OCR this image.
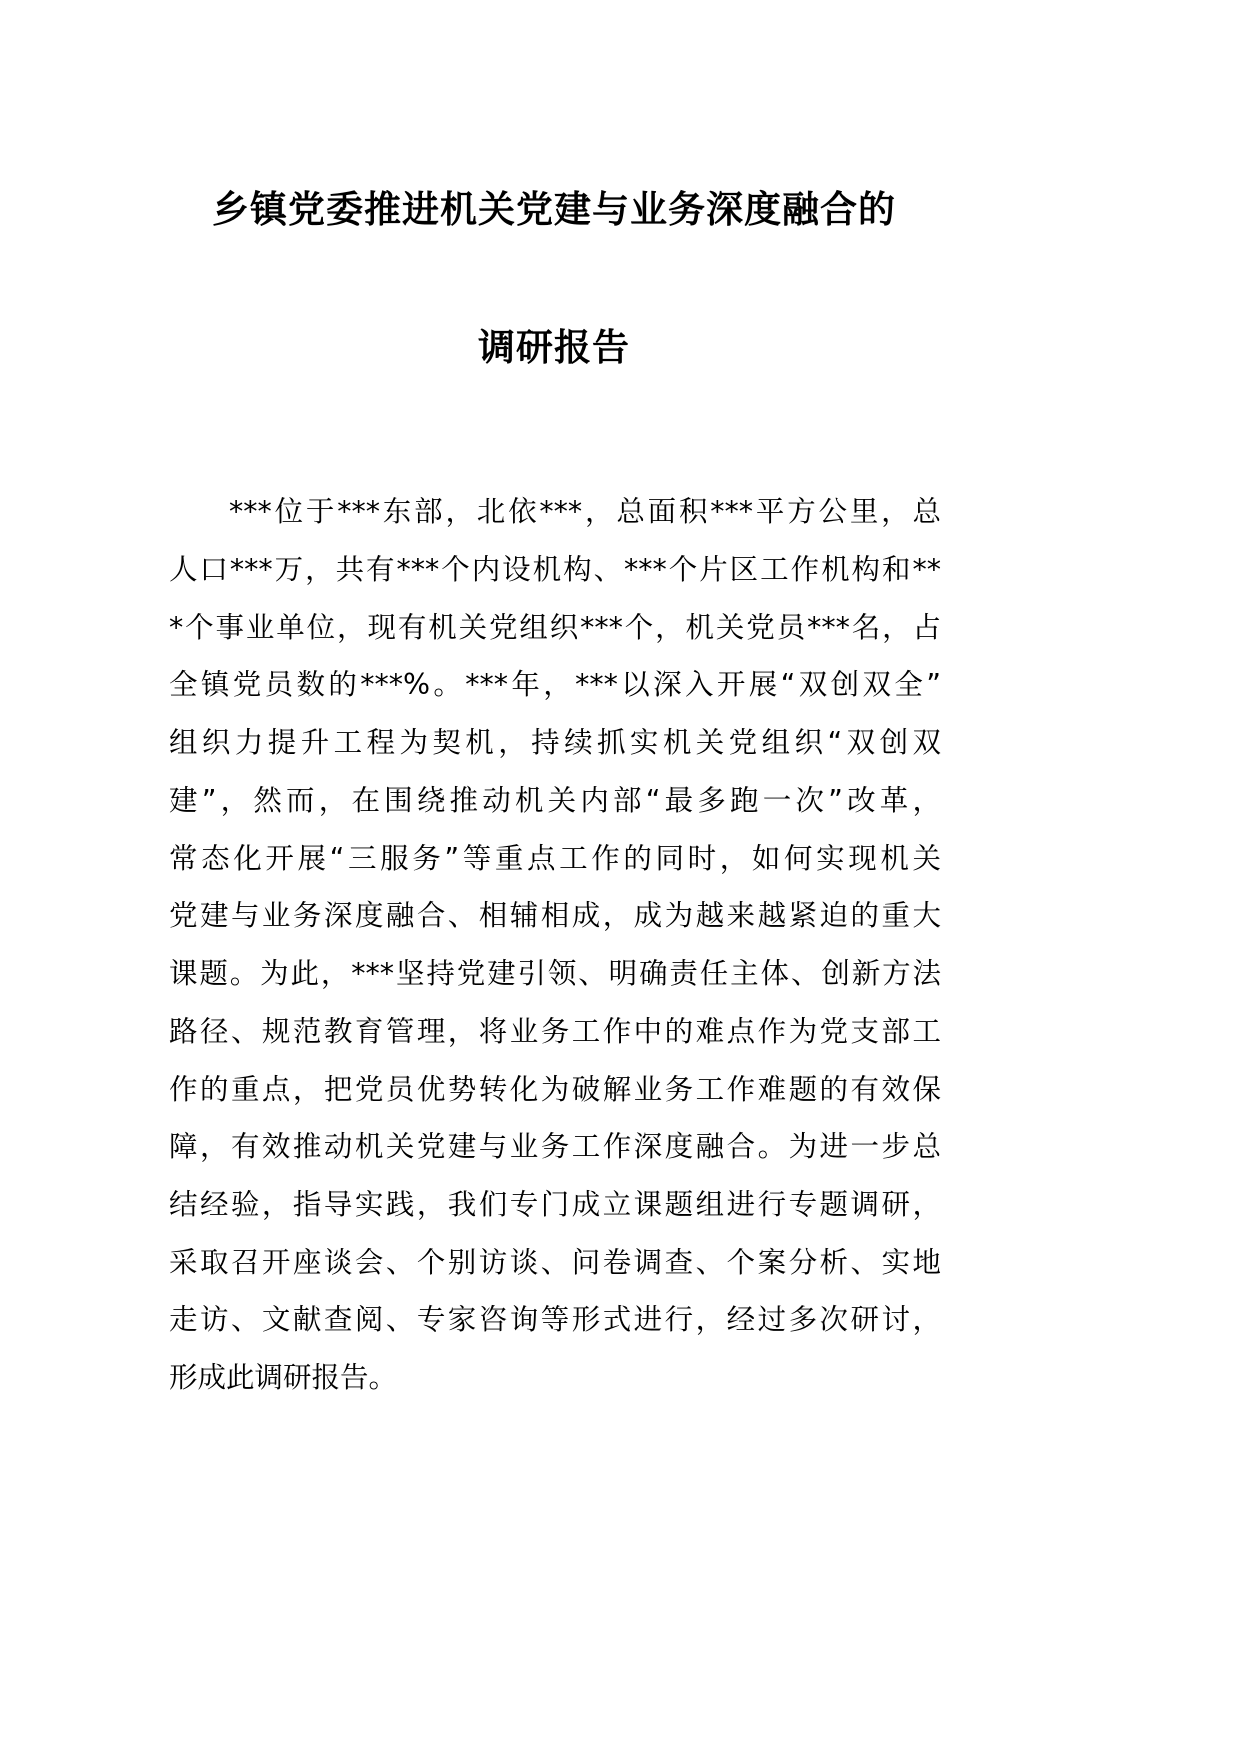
乡镇党委推进机关党建与业务深度融合的
调研报告
***位于***东部，北依***，总面积***平方公里，总
人口***万，共有***个内设机构、***个片区工作机构和**
*个事业单位，现有机关党组织***个，机关党员***名，占
全镇党员数的***%。***年，***以深入开展“双创双全”
组织力提升工程为契机，持续抓实机关党组织“双创双
建”，然而，在围绕推动机关内部“最多跑一次”改革，
常态化开展“三服务”等重点工作的同时，如何实现机关
党建与业务深度融合、相辅相成，成为越来越紧迫的重大
课题。为此，***坚持党建引领、明确责任主体、创新方法
路径、规范教育管理，将业务工作中的难点作为党支部工
作的重点，把党员优势转化为破解业务工作难题的有效保
障，有效推动机关党建与业务工作深度融合。为进一步总
结经验，指导实践，我们专门成立课题组进行专题调研，
采取召开座谈会、个别访谈、问卷调查、个案分析、实地
走访、文献查阅、专家咨询等形式进行，经过多次研讨，
形成此调研报告。
